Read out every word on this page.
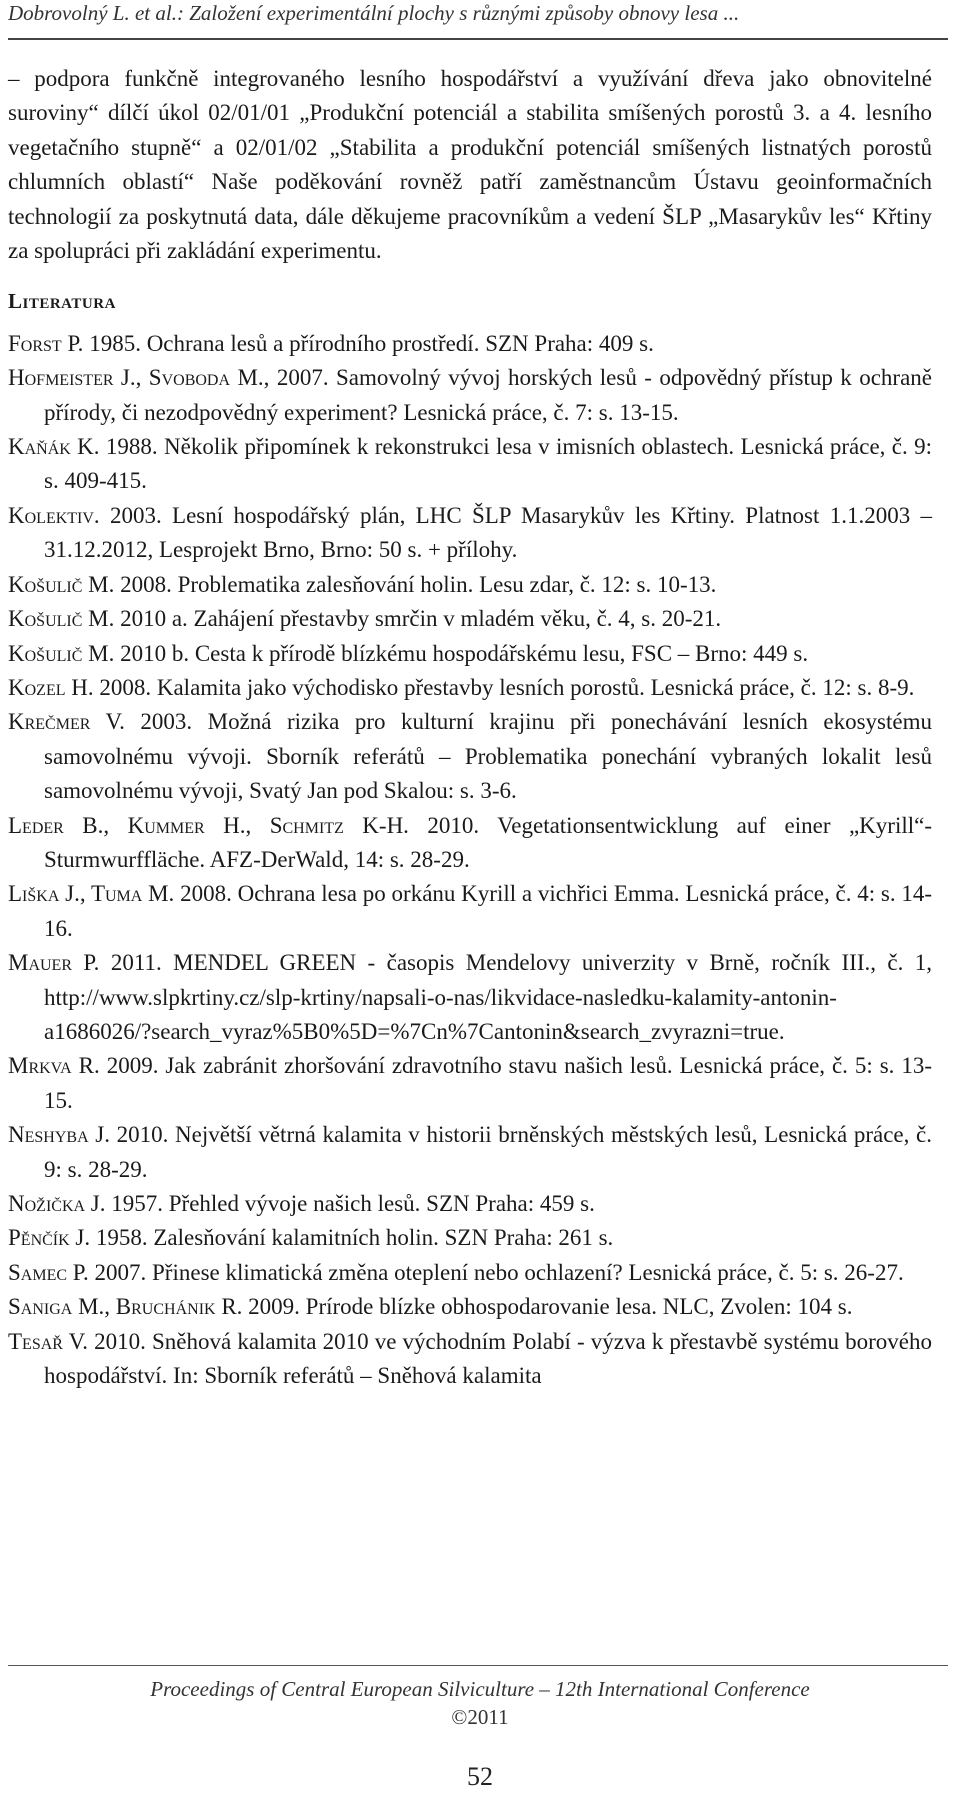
Dobrovolný L. et al.: Založení experimentální plochy s různými způsoby obnovy lesa ...

– podpora funkčně integrovaného lesního hospodářství a využívání dřeva jako obnovitelné suroviny“ dílčí úkol 02/01/01 „Produkční potenciál a stabilita smíšených porostů 3. a 4. lesního vegetačního stupně“ a 02/01/02 „Stabilita a produkční potenciál smíšených listnatých porostů chlumních oblastí“ Naše poděkování rovněž patří zaměstnancům Ústavu geoinformačních technologií za poskytnutá data, dále děkujeme pracovníkům a vedení ŠLP „Masarykův les“ Křtiny za spolupráci při zakládání experimentu.

Literatura

Forst P. 1985. Ochrana lesů a přírodního prostředí. SZN Praha: 409 s.

Hofmeister J., Svoboda M., 2007. Samovolný vývoj horských lesů - odpovědný přístup k ochraně přírody, či nezodpovědný experiment? Lesnická práce, č. 7: s. 13-15.

Kaňák K. 1988. Několik připomínek k rekonstrukci lesa v imisních oblastech. Lesnická práce, č. 9: s. 409-415.

Kolektiv. 2003. Lesní hospodářský plán, LHC ŠLP Masarykův les Křtiny. Platnost 1.1.2003 – 31.12.2012, Lesprojekt Brno, Brno: 50 s. + přílohy.

Košulič M. 2008. Problematika zalesňování holin. Lesu zdar, č. 12: s. 10-13.

Košulič M. 2010 a. Zahájení přestavby smrčin v mladém věku, č. 4, s. 20-21.

Košulič M. 2010 b. Cesta k přírodě blízkému hospodářskému lesu, FSC – Brno: 449 s.

Kozel H. 2008. Kalamita jako východisko přestavby lesních porostů. Lesnická práce, č. 12: s. 8-9.

Krečmer V. 2003. Možná rizika pro kulturní krajinu při ponechávání lesních ekosystému samovolnému vývoji. Sborník referátů – Problematika ponechání vybraných lokalit lesů samovolnému vývoji, Svatý Jan pod Skalou: s. 3-6.

Leder B., Kummer H., Schmitz K-H. 2010. Vegetationsentwicklung auf einer „Kyrill“-Sturmwurffläche. AFZ-DerWald, 14: s. 28-29.

Liška J., Tuma M. 2008. Ochrana lesa po orkánu Kyrill a vichřici Emma. Lesnická práce, č. 4: s. 14-16.

Mauer P. 2011. MENDEL GREEN - časopis Mendelovy univerzity v Brně, ročník III., č. 1, http://www.slpkrtiny.cz/slp-krtiny/napsali-o-nas/likvidace-nasledku-kalamity-antonin-a1686026/?search_vyraz%5B0%5D=%7Cn%7Cantonin&search_zvyrazni=true.

Mrkva R. 2009. Jak zabránit zhoršování zdravotního stavu našich lesů. Lesnická práce, č. 5: s. 13-15.

Neshyba J. 2010. Největší větrná kalamita v historii brněnských městských lesů, Lesnická práce, č. 9: s. 28-29.

Nožička J. 1957. Přehled vývoje našich lesů. SZN Praha: 459 s.

Pěnčík J. 1958. Zalesňování kalamitních holin. SZN Praha: 261 s.

Samec P. 2007. Přinese klimatická změna oteplení nebo ochlazení? Lesnická práce, č. 5: s. 26-27.

Saniga M., Bruchánik R. 2009. Prírode blízke obhospodarovanie lesa. NLC, Zvolen: 104 s.

Tesař V. 2010. Sněhová kalamita 2010 ve východním Polabí - výzva k přestavbě systému borového hospodářství. In: Sborník referátů – Sněhová kalamita

Proceedings of Central European Silviculture – 12th International Conference
©2011
52
